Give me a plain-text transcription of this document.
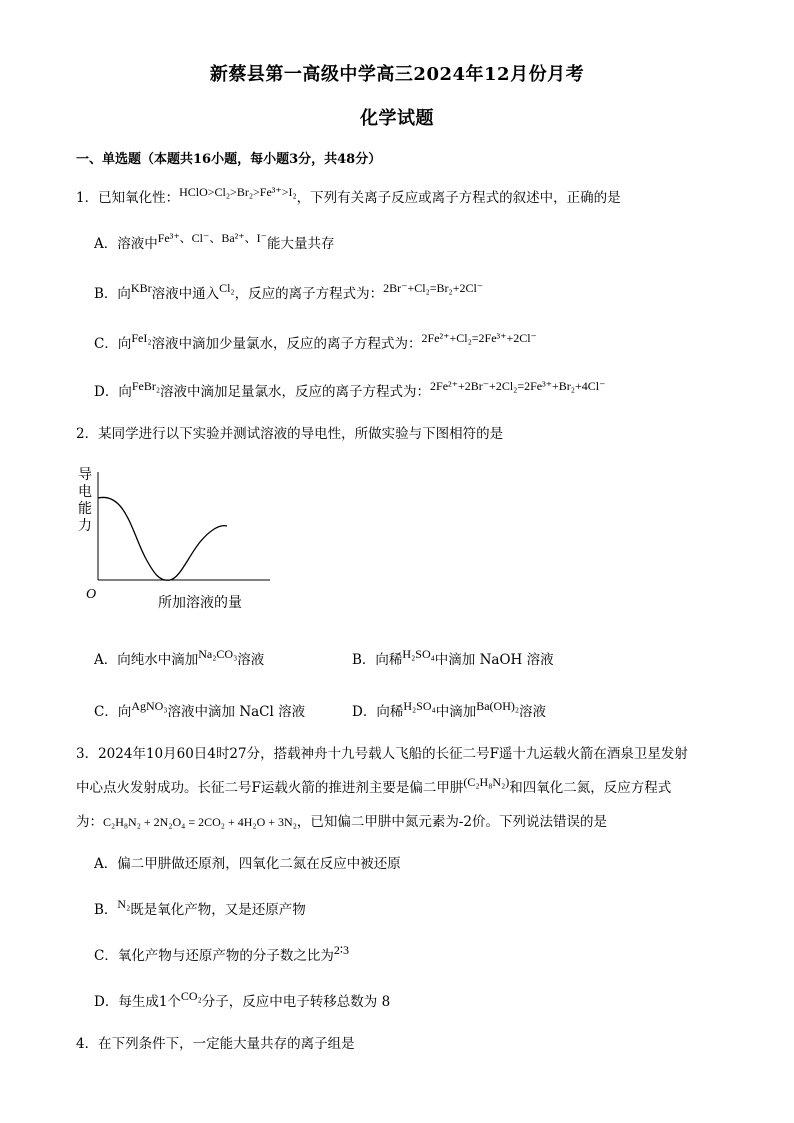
新蔡县第一高级中学高三2024年12月份月考
化学试题
一、单选题（本题共16小题，每小题3分，共48分）
1．已知氧化性：HClO>Cl₂>Br₂>Fe³⁺>I₂，下列有关离子反应或离子方程式的叙述中，正确的是
A．溶液中Fe³⁺、Cl⁻、Ba²⁺、I⁻能大量共存
B．向KBr溶液中通入Cl₂，反应的离子方程式为：2Br⁻+Cl₂=Br₂+2Cl⁻
C．向FeI₂溶液中滴加少量氯水，反应的离子方程式为：2Fe²⁺+Cl₂=2Fe³⁺+2Cl⁻
D．向FeBr₂溶液中滴加足量氯水，反应的离子方程式为：2Fe²⁺+2Br⁻+2Cl₂=2Fe³⁺+Br₂+4Cl⁻
2．某同学进行以下实验并测试溶液的导电性，所做实验与下图相符的是
导
电
能
力
O
所加溶液的量
A．向纯水中滴加Na₂CO₃溶液	B．向稀H₂SO₄中滴加 NaOH 溶液
C．向AgNO₃溶液中滴加 NaCl 溶液	D．向稀H₂SO₄中滴加Ba(OH)₂溶液
3．2024年10月60日4时27分，搭载神舟十九号载人飞船的长征二号F遥十九运载火箭在酒泉卫星发射
中心点火发射成功。长征二号F运载火箭的推进剂主要是偏二甲肼(C₂H₈N₂)和四氧化二氮，反应方程式
为：C₂H₈N₂ + 2N₂O₄ = 2CO₂ + 4H₂O + 3N₂，已知偏二甲肼中氮元素为-2价。下列说法错误的是
A．偏二甲肼做还原剂，四氧化二氮在反应中被还原
B．N₂既是氧化产物，又是还原产物
C．氧化产物与还原产物的分子数之比为2∶3
D．每生成1个CO₂分子，反应中电子转移总数为 8
4．在下列条件下，一定能大量共存的离子组是
